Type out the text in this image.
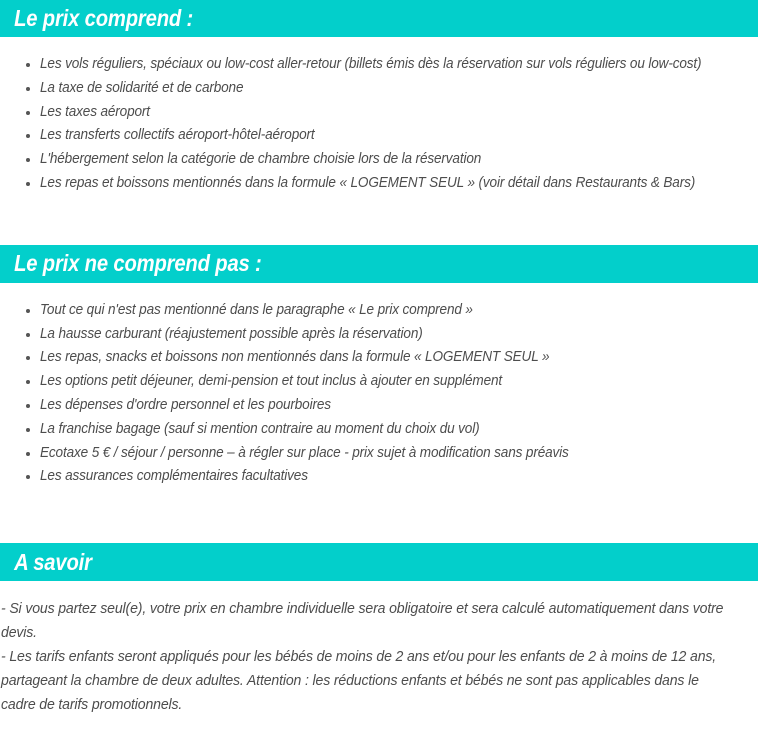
Le prix comprend :
Les vols réguliers, spéciaux ou low-cost aller-retour (billets émis dès la réservation sur vols réguliers ou low-cost)
La taxe de solidarité et de carbone
Les taxes aéroport
Les transferts collectifs aéroport-hôtel-aéroport
L'hébergement selon la catégorie de chambre choisie lors de la réservation
Les repas et boissons mentionnés dans la formule « LOGEMENT SEUL » (voir détail dans Restaurants & Bars)
Le prix ne comprend pas :
Tout ce qui n'est pas mentionné dans le paragraphe « Le prix comprend »
La hausse carburant (réajustement possible après la réservation)
Les repas, snacks et boissons non mentionnés dans la formule « LOGEMENT SEUL »
Les options petit déjeuner, demi-pension et tout inclus à ajouter en supplément
Les dépenses d'ordre personnel et les pourboires
La franchise bagage (sauf si mention contraire au moment du choix du vol)
Ecotaxe 5 € / séjour / personne – à régler sur place - prix sujet à modification sans préavis
Les assurances complémentaires facultatives
A savoir

- Si vous partez seul(e), votre prix en chambre individuelle sera obligatoire et sera calculé automatiquement dans votre devis.

- Les tarifs enfants seront appliqués pour les bébés de moins de 2 ans et/ou pour les enfants de 2 à moins de 12 ans, partageant la chambre de deux adultes. Attention : les réductions enfants et bébés ne sont pas applicables dans le cadre de tarifs promotionnels.
